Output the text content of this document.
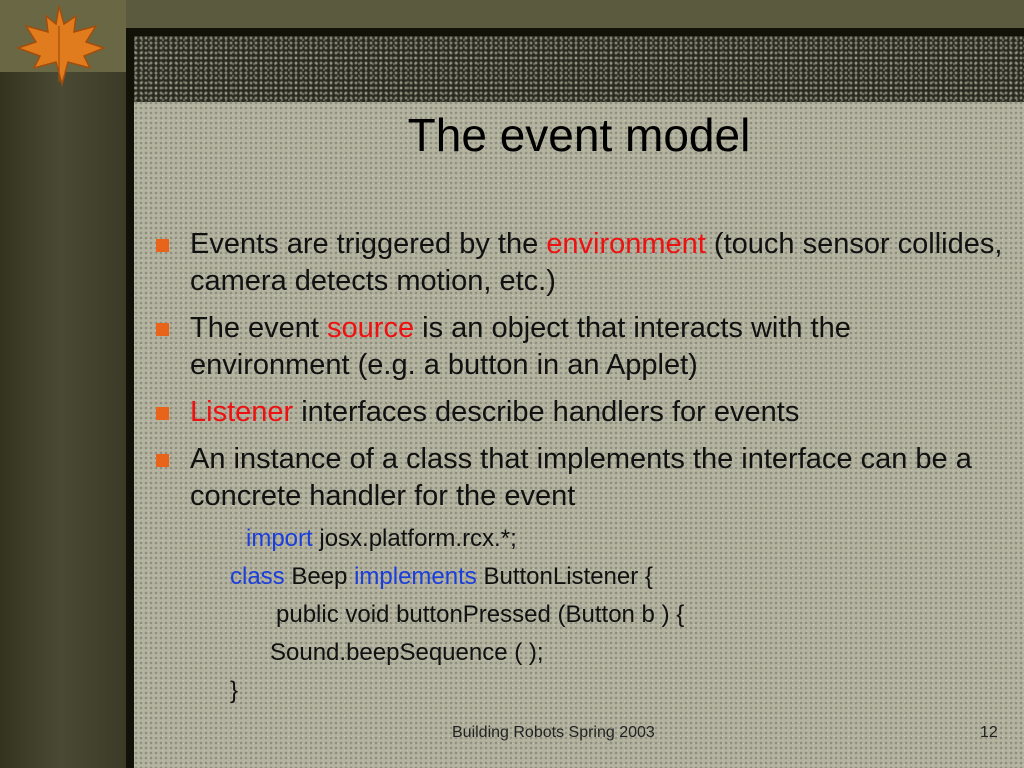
The event model
Events are triggered by the environment (touch sensor collides, camera detects motion, etc.)
The event source is an object that interacts with the environment (e.g. a button in an Applet)
Listener interfaces describe handlers for events
An instance of a class that implements the interface can be a concrete handler for the event
import josx.platform.rcx.*;
class Beep implements ButtonListener {
public void buttonPressed (Button b ) {
Sound.beepSequence ( );
}
Building Robots Spring 2003	12
